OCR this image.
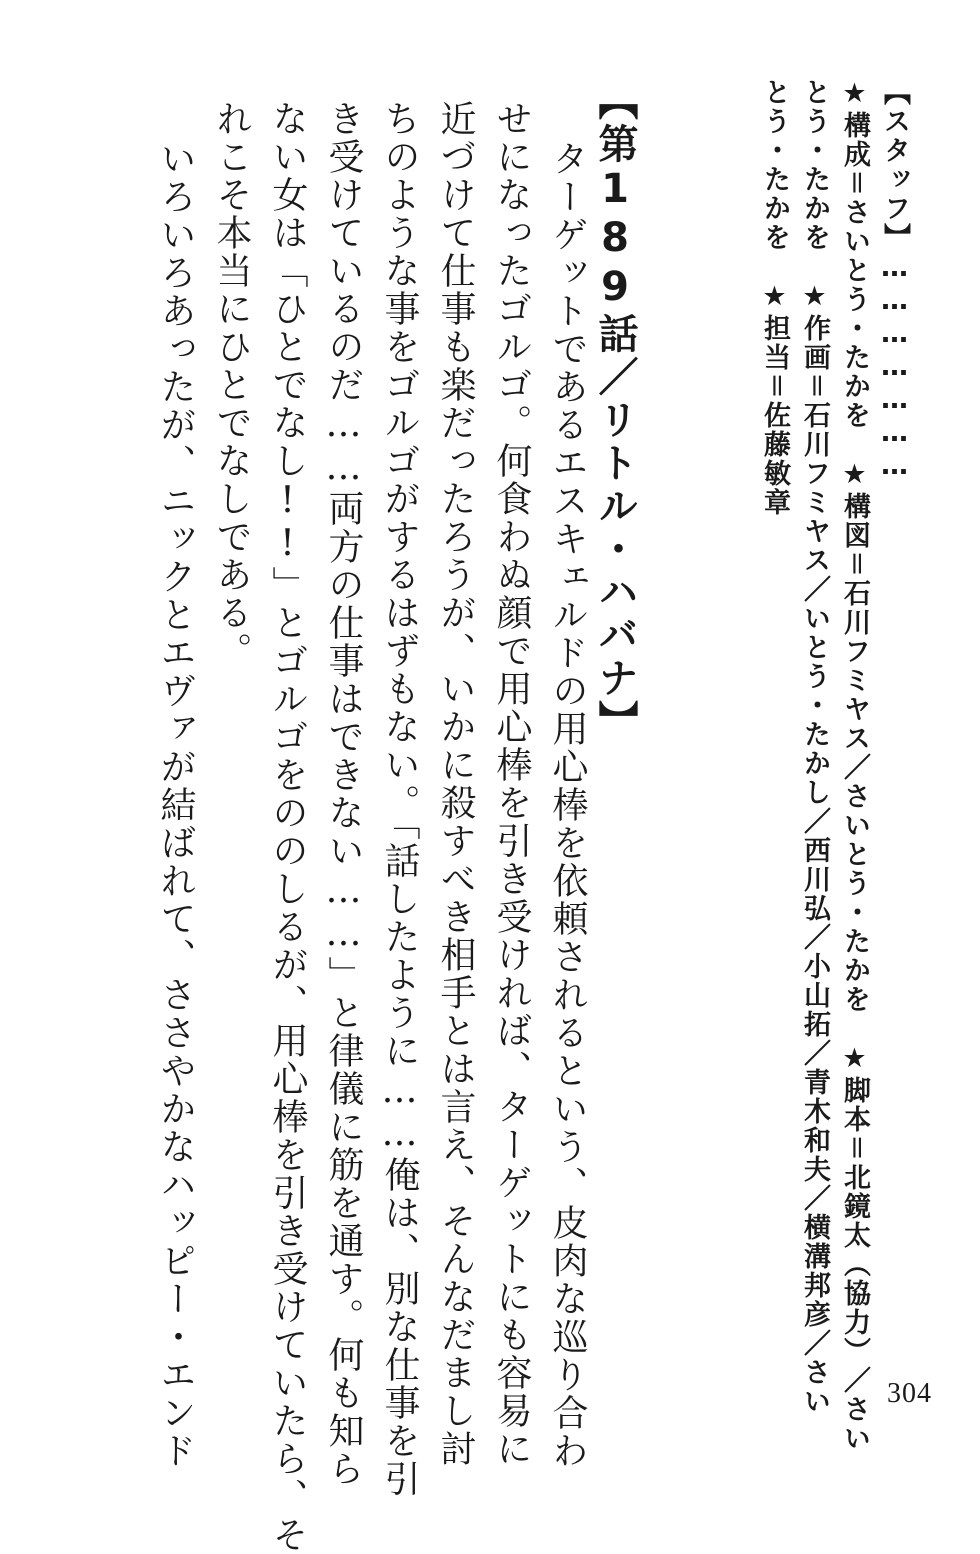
【スタッフ】…………………
★構成＝さいとう・たかを　★構図＝石川フミヤス／さいとう・たかを　★脚本＝北鏡太（協力）／さい
とう・たかを　★作画＝石川フミヤス／いとう・たかし／西川弘／小山拓／青木和夫／横溝邦彦／さい
とう・たかを　★担当＝佐藤敏章
【第189話／リトル・ハバナ】
ターゲットであるエスキェルドの用心棒を依頼されるという、皮肉な巡り合わ
せになったゴルゴ。何食わぬ顔で用心棒を引き受ければ、ターゲットにも容易に
近づけて仕事も楽だったろうが、いかに殺すべき相手とは言え、そんなだまし討
ちのような事をゴルゴがするはずもない。「話したように……俺は、別な仕事を引
き受けているのだ……両方の仕事はできない……」と律儀に筋を通す。何も知ら
ない女は「ひとでなし!!」とゴルゴをののしるが、用心棒を引き受けていたら、そ
れこそ本当にひとでなしである。
いろいろあったが、ニックとエヴァが結ばれて、ささやかなハッピー・エンド	304
